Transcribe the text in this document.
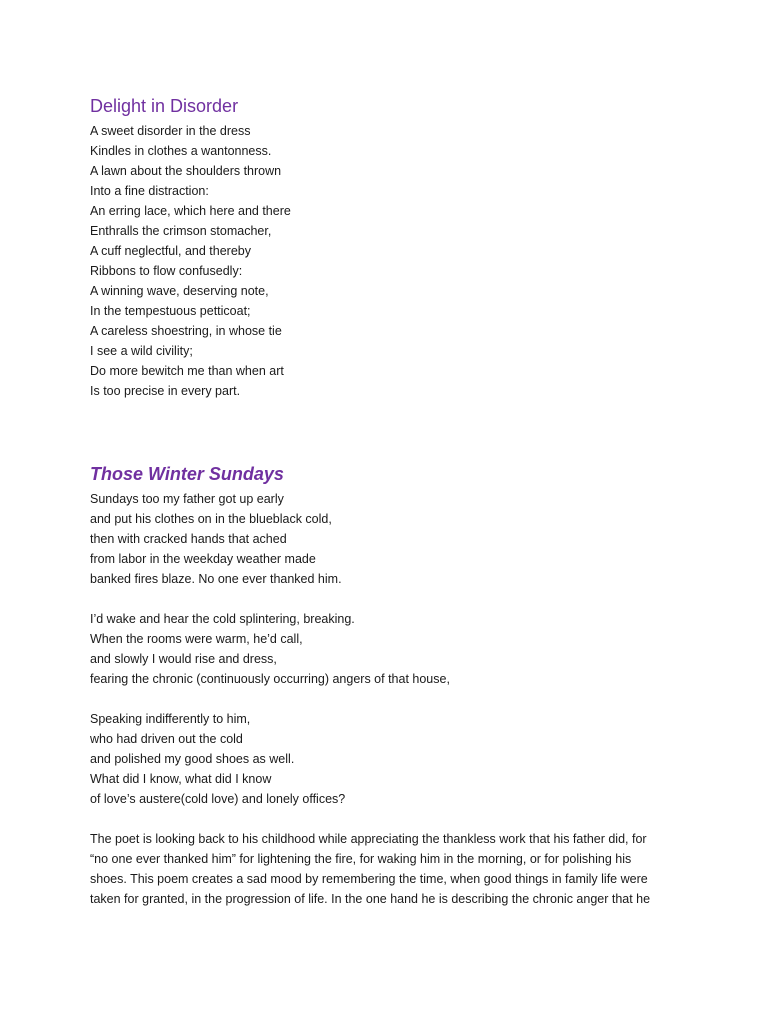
Delight in Disorder
A sweet disorder in the dress
Kindles in clothes a wantonness.
A lawn about the shoulders thrown
Into a fine distraction:
An erring lace, which here and there
Enthralls the crimson stomacher,
A cuff neglectful, and thereby
Ribbons to flow confusedly:
A winning wave, deserving note,
In the tempestuous petticoat;
A careless shoestring, in whose tie
I see a wild civility;
Do more bewitch me than when art
Is too precise in every part.
Those Winter Sundays
Sundays too my father got up early
and put his clothes on in the blueblack cold,
then with cracked hands that ached
from labor in the weekday weather made
banked fires blaze. No one ever thanked him.
I’d wake and hear the cold splintering, breaking.
When the rooms were warm, he’d call,
and slowly I would rise and dress,
fearing the chronic (continuously occurring) angers of that house,
Speaking indifferently to him,
who had driven out the cold
and polished my good shoes as well.
What did I know, what did I know
of love’s austere(cold love) and lonely offices?
The poet is looking back to his childhood while appreciating the thankless work that his father did, for
“no one ever thanked him” for lightening the fire, for waking him in the morning, or for polishing his
shoes. This poem creates a sad mood by remembering the time, when good things in family life were
taken for granted, in the progression of life. In the one hand he is describing the chronic anger that he
